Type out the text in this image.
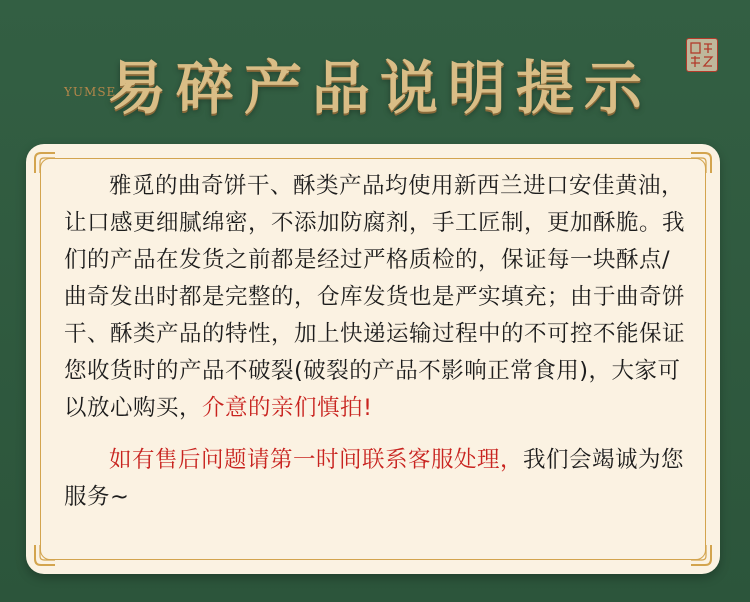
YUMSE
易碎产品说明提示

雅觅的曲奇饼干、酥类产品均使用新西兰进口安佳黄油，让口感更细腻绵密，不添加防腐剂，手工匠制，更加酥脆。我们的产品在发货之前都是经过严格质检的，保证每一块酥点/曲奇发出时都是完整的，仓库发货也是严实填充；由于曲奇饼干、酥类产品的特性，加上快递运输过程中的不可控不能保证您收货时的产品不破裂(破裂的产品不影响正常食用)，大家可以放心购买，介意的亲们慎拍!

如有售后问题请第一时间联系客服处理，我们会竭诚为您服务~
